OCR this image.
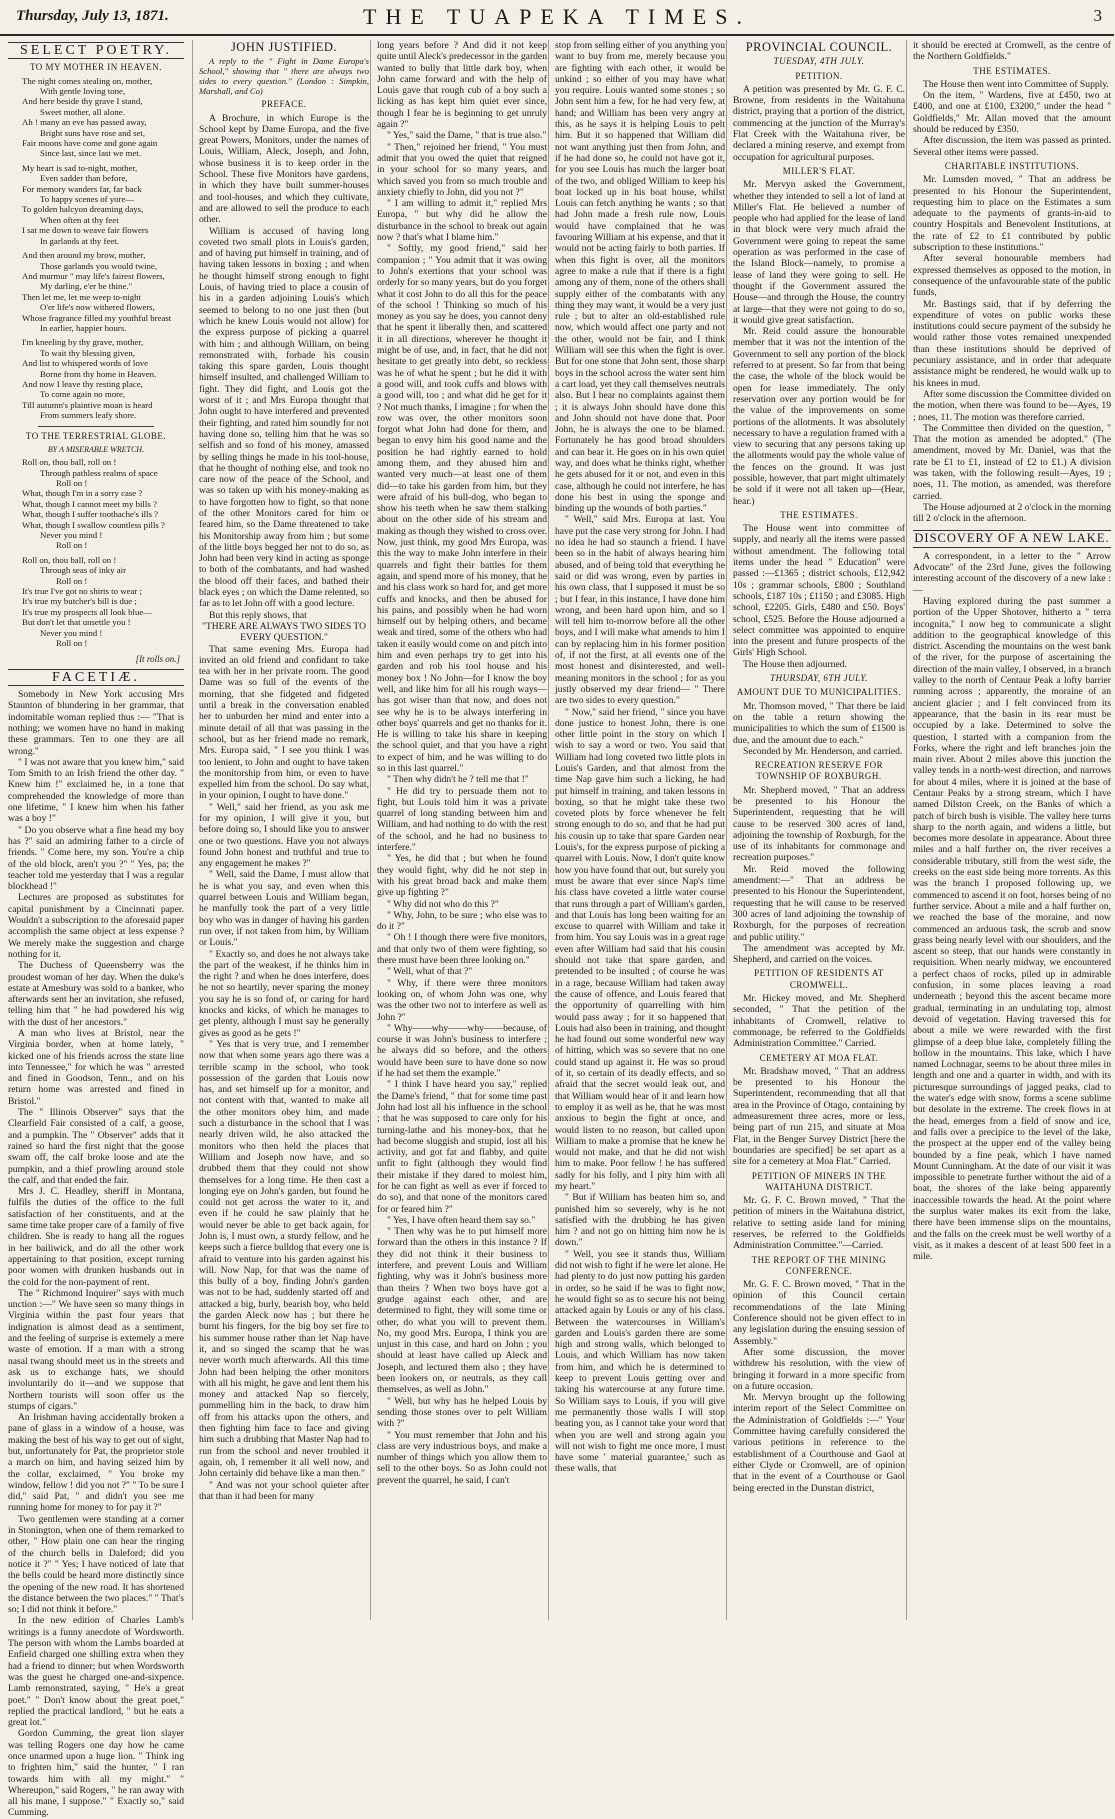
Thursday, July 13, 1871.	THE TUAPEKA TIMES.	3
SELECT POETRY.
TO MY MOTHER IN HEAVEN.
The night comes stealing on, mother,
With gentle loving tone,
And here beside thy grave I stand,
Sweet mother, all alone.
Ah ! many an eve has passed away,
Bright suns have rose and set,
Fair moons have come and gone again
Since last, since last we met.
My heart is sad to-night, mother,
Even sadder than before,
For memory wanders far, far back
To happy scenes of yore—
To golden halcyon dreaming days,
When often at thy feet
I sat me down to weave fair flowers
In garlands at thy feet.
And then around my brow, mother,
Those garlands you would twine,
And murmur " may life's fairest flowers,
My darling, e'er be thine."
Then let me, let me weep to-night
O'er life's now withered flowers,
Whose fragrance filled my youthful breast
In earlier, happier hours.
I'm kneeling by thy grave, mother,
To wait thy blessing given,
And list to whispered words of love
Borne from thy home in Heaven.
And now I leave thy resting place,
To come again no more,
Till autumn's plaintive moan is heard
From summers leafy shore.
TO THE TERRESTRIAL GLOBE.
BY A MISERABLE WRETCH.
Roll on, thou ball, roll on !
Through pathless realms of space
Roll on !
What, though I'm in a sorry case ?
What, though I cannot meet my bills ?
What, though I suffer toothache's ills ?
What, though I swallow countless pills ?
Never you mind !
Roll on !
Roll on, thou ball, roll on !
Through seas of inky air
Roll on !
It's true I've got no shirts to wear ;
It's true my butcher's bill is due ;
It's true my prospects all look blue—
But don't let that unsettle you !
Never you mind !
Roll on !
[It rolls on.]
FACETIÆ.

Somebody in New York accusing Mrs Staunton of blundering in her grammar, that indomitable woman replied thus :— "That is nothing; we women have no hand in making these grammars. Ten to one they are all wrong."

" I was not aware that you knew him," said Tom Smith to an Irish friend the other day. " Knew him !" exclaimed he, in a tone that comprehended the knowledge of more than one lifetime, " I knew him when his father was a boy !"

" Do you observe what a fine head my boy has ?" said an admiring father to a circle of friends. " Come here, my son. You're a chip of the old block, aren't you ?" " Yes, pa; the teacher told me yesterday that I was a regular blockhead !"

Lectures are proposed as substitutes for capital punishment by a Cincinnati paper. Wouldn't a subscription to the aforesaid paper accomplish the same object at less expense ? We merely make the suggestion and charge nothing for it.

The Duchess of Queensberry was the proudest woman of her day. When the duke's estate at Amesbury was sold to a banker, who afterwards sent her an invitation, she refused, telling him that " he had powdered his wig with the dust of her ancestors."

A man who lives at Bristol, near the Virginia border, when at home lately, " kicked one of his friends across the state line into Tennessee," for which he was " arrested and fined in Goodson, Tenn., and on his return home was arrested and fined in Bristol."

The " Illinois Observer" says that the Clearfield Fair consisted of a calf, a goose, and a pumpkin. The " Observer" adds that it rained so hard the first night that the goose swam off, the calf broke loose and ate the pumpkin, and a thief prowling around stole the calf, and that ended the fair.

Mrs J. C. Headley, sheriff in Montana, fulfils the duties of the office to the full satisfaction of her constituents, and at the same time take proper care of a family of five children. She is ready to hang all the rogues in her bailiwick, and do all the other work appertaining to that position, except turning poor women with drunken husbands out in the cold for the non-payment of rent.

The " Richmond Inquirer" says with much unction :—" We have seen so many things in Virginia within the past four years that indignation is almost dead as a sentiment, and the feeling of surprise is extemely a mere waste of emotion. If a man with a strong nasal twang should meet us in the streets and ask us to exchange hats, we should involuntarily do it—and we suppose that Northern tourists will soon offer us the stumps of cigars."

An Irishman having accidentally broken a pane of glass in a window of a house, was making the best of his way to get out of sight, but, unfortunately for Pat, the proprietor stole a march on him, and having seized him by the collar, exclaimed, " You broke my window, fellow ! did you not ?" " To be sure I did," said Pat, " and didn't you see me running home for money to for pay it ?"

Two gentlemen were standing at a corner in Stonington, when one of them remarked to other, " How plain one can hear the ringing of the church bells in Daleford; did you notice it ?" " Yes; I have noticed of late that the bells could be heard more distinctly since the opening of the new road. It has shortened the distance between the two places." " That's so; I did not think it before."

In the new edition of Charles Lamb's writings is a funny anecdote of Wordsworth. The person with whom the Lambs boarded at Enfield charged one shilling extra when they had a friend to dinner; but when Wordsworth was the guest he charged one-and-sixpence. Lamb remonstrated, saying, " He's a great poet." " Don't know about the great poet," replied the practical landlord, " but he eats a great lot."

Gordon Cumming, the great lion slayer was telling Rogers one day how he came once unarmed upon a huge lion. " Think ing to frighten him," said the hunter, " I ran towards him with all my might." " Whereupon," said Rogers, " he ran away with all his mane, I suppose." " Exactly so," said Cumming.

JOHN JUSTIFIED.

A reply to the " Fight in Dame Europa's School," showing that " there are always two sides to every question." (London : Simpkin, Marshall, and Co)

PREFACE.

A Brochure, in which Europe is the School kept by Dame Europa, and the five great Powers, Monitors, under the names of Louis, William, Aleck, Joseph, and John, whose business it is to keep order in the School. These five Monitors have gardens, in which they have built summer-houses and tool-houses, and which they cultivate, and are allowed to sell the produce to each other.

William is accused of having long coveted two small plots in Louis's garden, and of having put himself in training, and of having taken lessons in boxing ; and when he thought himself strong enough to fight Louis, of having tried to place a cousin of his in a garden adjoining Louis's which seemed to belong to no one just then (but which he knew Louis would not allow) for the express purpose of picking a quarrel with him ; and although William, on being remonstrated with, forbade his cousin taking this spare garden, Louis thought himself insulted, and challenged William to fight. They did fight, and Louis got the worst of it ; and Mrs Europa thought that John ought to have interfered and prevented their fighting, and rated him soundly for not having done so, telling him that he was so selfish and so fond of his money, amassed by selling things he made in his tool-house, that he thought of nothing else, and took no care now of the peace of the School, and was so taken up with his money-making as to have forgotten how to fight, so that none of the other Monitors cared for him or feared him, so the Dame threatened to take his Monitorship away from him ; but some of the little boys begged her not to do so, as John had been very kind in acting as sponge to both of the combatants, and had washed the blood off their faces, and bathed their black eyes ; on which the Dame relented, so far as to let John off with a good lecture.

But this reply shows, that

"THERE ARE ALWAYS TWO SIDES TO EVERY QUESTION."

That same evening Mrs. Europa had invited an old friend and confidant to take tea with her in her private room. The good Dame was so full of the events of the morning, that she fidgeted and fidgeted until a break in the conversation enabled her to unburden her mind and enter into a minute detail of all that was passing in the school, but as her friend made no remark, Mrs. Europa said, " I see you think I was too lenient, to John and ought to have taken the monitorship from him, or even to have expelled him from the school. Do say what, in your opinion, I ought to have done."

" Well," said her friend, as you ask me for my opinion, I will give it you, but before doing so, I should like you to answer one or two questions. Have you not always found John honest and truthful and true to any engagement he makes ?"

" Well, said the Dame, I must allow that he is what you say, and even when this quarrel between Louis and William began, he manfully took the part of a very little boy who was in danger of having his garden run over, if not taken from him, by William or Louis."

" Exactly so, and does he not always take the part of the weakest, if he thinks him in the right ? and when he does interfere, does he not so heartily, never sparing the money you say he is so fond of, or caring for hard knocks and kicks, of which he manages to get plenty, although I must say he generally gives as good as he gets !"

" Yes that is very true, and I remember now that when some years ago there was a terrible scamp in the school, who took possession of the garden that Louis now has, and set himself up for a monitor, and not content with that, wanted to make all the other monitors obey him, and made such a disturbance in the school that I was nearly driven wild, he also attacked the monitors who then held the places that William and Joseph now have, and so drubbed them that they could not show themselves for a long time. He then cast a longing eye on John's garden, but found he could not get across the water to it, and even if he could he saw plainly that he would never be able to get back again, for John is, I must own, a sturdy fellow, and he keeps such a fierce bulldog that every one is afraid to venture into his garden against his will. Now Nap, for that was the name of this bully of a boy, finding John's garden was not to be had, suddenly started off and attacked a big, burly, bearish boy, who held the garden Aleck now has ; but there he burnt his fingers, for the big boy set fire to his summer house rather than let Nap have it, and so singed the scamp that he was never worth much afterwards. All this time John had been helping the other monitors with all his might, he gave and lent them his money and attacked Nap so fiercely, pummelling him in the back, to draw him off from his attacks upon the others, and then fighting him face to face and giving him such a drubbing that Master Nap had to run from the school and never troubled it again, oh, I remember it all well now, and John certainly did behave like a man then."

" And was not your school quieter after that than it had been for many

long years before ? And did it not keep quite until Aleck's predecessor in the garden wanted to bully that little dark boy, when John came forward and with the help of Louis gave that rough cub of a boy such a licking as has kept him quiet ever since, though I fear he is beginning to get unruly again ?"

" Yes," said the Dame, " that is true also."

" Then," rejoined her friend, " You must admit that you owed the quiet that reigned in your school for so many years, and which saved you from so much trouble and anxiety chiefly to John, did you not ?"

" I am willing to admit it," replied Mrs Europa, " but why did he allow the disturbance in the school to break out again now ? that's what I blame him."

" Softly, my good friend," said her companion ; " You admit that it was owing to John's exertions that your school was orderly for so many years, but do you forget what it cost John to do all this for the peace of the school ! Thinking so much of his money as you say he does, you cannot deny that he spent it liberally then, and scattered it in all directions, wherever he thought it might be of use, and, in fact, that he did not hesitate to get greatly into debt, so reckless was he of what he spent ; but he did it with a good will, and took cuffs and blows with a good will, too ; and what did he get for it ? Not much thanks, I imagine ; for when the row was over, the other monitors soon forgot what John had done for them, and began to envy him his good name and the position he had rightly earned to hold among them, and they abused him and wanted very much—at least one of them did—to take his garden from him, but they were afraid of his bull-dog, who began to show his teeth when he saw them stalking about on the other side of his stream and making as though they wished to cross over. Now, just think, my good Mrs Europa, was this the way to make John interfere in their quarrels and fight their battles for them again, and spend more of his money, that he and his class work so hard for, and get more cuffs and knocks, and then be abused for his pains, and possibly when he had worn himself out by helping others, and became weak and tired, some of the others who had taken it easily would come on and pitch into him and even perhaps try to get into his garden and rob his tool house and his money box ! No John—for I know the boy well, and like him for all his rough ways—has got wiser than that now, and does not see why he is to be always interfering in other boys' quarrels and get no thanks for it. He is willing to take his share in keeping the school quiet, and that you have a right to expect of him, and he was willing to do so in this last quarrel."

" Then why didn't he ? tell me that !"

" He did try to persuade them not to fight, but Louis told him it was a private quarrel of long standing between him and William, and had nothing to do with the rest of the school, and he had no business to interfere."

" Yes, he did that ; but when he found they would fight, why did he not step in with his great broad back and make them give up fighting ?"

" Why did not who do this ?"

" Why, John, to be sure ; who else was to do it ?"

" Oh ! I though there were five monitors, and that only two of them were fighting, so there must have been three looking on."

" Well, what of that ?"

" Why, if there were three monitors looking on, of whom John was one, why was the other two not to interfere as well as John ?"

" Why——why——why——because, of course it was John's business to interfere ; he always did so before, and the others would have been sure to have done so now if he had set them the example."

" I think I have heard you say," replied the Dame's friend, " that for some time past John had lost all his influence in the school ; that he was supposed to care only for his turning-lathe and his money-box, that he had become sluggish and stupid, lost all his activity, and got fat and flabby, and quite unfit to fight (although they would find their mistake if they dared to molest him, for he can fight as well as ever if forced to do so), and that none of the monitors cared for or feared him ?"

" Yes, I have often heard them say so."

" Then why was he to put himself more forward than the others in this instance ? If they did not think it their business to interfere, and prevent Louis and William fighting, why was it John's business more than theirs ? When two boys have got a grudge against each other, and are determined to fight, they will some time or other, do what you will to prevent them. No, my good Mrs. Europa, I think you are unjust in this case, and hard on John ; you should at least have called up Aleck and Joseph, and lectured them also ; they have been lookers on, or neutrals, as they call themselves, as well as John."

" Well, but why has he helped Louis by sending those stones over to pelt William with ?"

" You must remember that John and his class are very industrious boys, and make a number of things which you allow them to sell to the other boys. So as John could not prevent the quarrel, he said, I can't

stop from selling either of you anything you want to buy from me, merely because you are fighting with each other, it would be unkind ; so either of you may have what you require. Louis wanted some stones ; so John sent him a few, for he had very few, at hand; and William has been very angry at this, as he says it is helping Louis to pelt him. But it so happened that William did not want anything just then from John, and if he had done so, he could not have got it, for you see Louis has much the larger boat of the two, and obliged William to keep his boat locked up in his boat house, whilst Louis can fetch anything he wants ; so that had John made a fresh rule now, Louis would have complained that he was favouring William at his expense, and that it would not be acting fairly to both parties. If when this fight is over, all the monitors agree to make a rule that if there is a fight among any of them, none of the others shall supply either of the combatants with any thing they may want, it would be a very just rule ; but to alter an old-established rule now, which would affect one party and not the other, would not be fair, and I think William will see this when the fight is over. But for one stone that John sent, those sharp boys in the school across the water sent him a cart load, yet they call themselves neutrals also. But I hear no complaints against them ; it is always John should have done this and John should not have done that. Poor John, he is always the one to be blamed. Fortunately he has good broad shoulders and can bear it. He goes on in his own quiet way, and does what he thinks right, whether he gets abused for it or not, and even in this case, although he could not interfere, he has done his best in using the sponge and binding up the wounds of both parties."

" Well," said Mrs. Europa at last. You have put the case very strong for John. I had no idea he had so staunch a friend. I have been so in the habit of always hearing him abused, and of being told that everything he said or did was wrong, even by parties in his own class, that I supposed it must be so ; but I fear, in this instance, I have done him wrong, and been hard upon him, and so I will tell him to-morrow before all the other boys, and I will make what amends to him I can by replacing him in his former position of, if not the first, at all events one of the most honest and disinterested, and well-meaning monitors in the school ; for as you justly observed my dear friend— " There are two sides to every question."

" Now," said her friend, " since you have done justice to honest John, there is one other little point in the story on which I wish to say a word or two. You said that William had long coveted two little plots in Louis's Garden, and that almost from the time Nap gave him such a licking, he had put himself in training, and taken lessons in boxing, so that he might take these two coveted plots by force whenever he felt strong enough to do so, and that he had put his cousin up to take that spare Garden near Louis's, for the express purpose of picking a quarrel with Louis. Now, I don't quite know how you have found that out, but surely you must be aware that ever since Nap's time his class have coveted a little water course that runs through a part of William's garden, and that Louis has long been waiting for an excuse to quarrel with William and take it from him. You say Louis was in a great rage even after William had said that his cousin should not take that spare garden, and pretended to be insulted ; of course he was in a rage, because William had taken away the cause of offence, and Louis feared that the opportunity of quarrelling with him would pass away ; for it so happened that Louis had also been in training, and thought he had found out some wonderful new way of hitting, which was so severe that no one could stand up against it. He was so proud of it, so certain of its deadly effects, and so afraid that the secret would leak out, and that William would hear of it and learn how to employ it as well as he, that he was most anxious to begin the fight at once, and would listen to no reason, but called upon William to make a promise that he knew he would not make, and that he did not wish him to make. Poor fellow ! he has suffered sadly for his folly, and I pity him with all my heart."

" But if William has beaten him so, and punished him so severely, why is he not satisfied with the drubbing he has given him ? and not go on hitting him now he is down."

" Well, you see it stands thus, William did not wish to fight if he were let alone. He had plenty to do just now putting his garden in order, so he said if he was to fight now, he would fight so as to secure his not being attacked again by Louis or any of his class. Between the watercourses in William's garden and Louis's garden there are some high and strong walls, which belonged to Louis, and which William has now taken from him, and which he is determined to keep to prevent Louis getting over and taking his watercourse at any future time. So William says to Louis, if you will give me permanently those walls I will stop beating you, as I cannot take your word that when you are well and strong again you will not wish to fight me once more, I must have some ' material guarantee,' such as these walls, that

PROVINCIAL COUNCIL.
TUESDAY, 4TH JULY.
PETITION.

A petition was presented by Mr. G. F. C. Browne, from residents in the Waitahuna district, praying that a portion of the district, commencing at the junction of the Murray's Flat Creek with the Waitahuna river, be declared a mining reserve, and exempt from occupation for agricultural purposes.

MILLER'S FLAT.

Mr. Mervyn asked the Government, whether they intended to sell a lot of land at Miller's Flat. He believed a number of people who had applied for the lease of land in that block were very much afraid the Government were going to repeat the same operation as was performed in the case of the Island Block—namely, to promise a lease of land they were going to sell. He thought if the Government assured the House—and through the House, the country at large—that they were not going to do so, it would give great satisfaction.

Mr. Reid could assure the honourable member that it was not the intention of the Government to sell any portion of the block referred to at present. So far from that being the case, the whole of the block would be open for lease immediately. The only reservation over any portion would be for the value of the improvements on some portions of the allotments. It was absolutely necessary to have a regulation framed with a view to securing that any persons taking up the allotments would pay the whole value of the fences on the ground. It was just possible, however, that part might ultimately be sold if it were not all taken up—(Hear, hear.)

THE ESTIMATES.

The House went into committee of supply, and nearly all the items were passed without amendment. The following total items under the head " Education" were passed :—£1365 ; district schools, £12,942 10s ; grammar schools, £800 ; Southland schools, £187 10s ; £1150 ; and £3085. High school, £2205. Girls, £480 and £50. Boys' school, £525. Before the House adjourned a select committee was appointed to enquire into the present and future prospects of the Girls' High School.

The House then adjourned.

THURSDAY, 6TH JULY.
AMOUNT DUE TO MUNICIPALITIES.

Mr. Thomson moved, " That there be laid on the table a return showing the municipalities to which the sum of £1500 is due, and the amount due to each."

Seconded by Mr. Henderson, and carried.

RECREATION RESERVE FOR TOWNSHIP OF ROXBURGH.

Mr. Shepherd moved, " That an address be presented to his Honour the Superintendent, requesting that he will cause to be reserved 300 acres of land, adjoining the township of Roxburgh, for the use of its inhabitants for commonage and recreation purposes."

Mr. Reid moved the following amendment:—" That an address be presented to his Honour the Superintendent, requesting that he will cause to be reserved 300 acres of land adjoining the township of Roxburgh, for the purposes of recreation and public utility."

The amendment was accepted by Mr. Shepherd, and carried on the voices.

PETITION OF RESIDENTS AT CROMWELL.

Mr. Hickey moved, and Mr. Shepherd seconded, " That the petition of the inhabitants of Cromwell, relative to commonage, be referred to the Goldfields Administration Committee." Carried.

CEMETERY AT MOA FLAT.

Mr. Bradshaw moved, " That an address be presented to his Honour the Superintendent, recommending that all that area in the Province of Otago, containing by admeasurement three acres, more or less, being part of run 215, and situate at Moa Flat, in the Benger Survey District [here the boundaries are specified] be set apart as a site for a cemetery at Moa Flat." Carried.

PETITION OF MINERS IN THE WAITAHUNA DISTRICT.

Mr. G. F. C. Brown moved, " That the petition of miners in the Waitahuna district, relative to setting aside land for mining reserves, be referred to the Goldfields Administration Committee."—Carried.

THE REPORT OF THE MINING CONFERENCE.

Mr. G. F. C. Brown moved, " That in the opinion of this Council certain recommendations of the late Mining Conference should not be given effect to in any legislation during the ensuing session of Assembly."

After some discussion, the mover withdrew his resolution, with the view of bringing it forward in a more specific from on a future occasion.

Mr. Mervyn brought up the following interim report of the Select Committee on the Administration of Goldfields :—" Your Committee having carefully considered the various petitions in reference to the establishment of a Courthouse and Gaol at either Clyde or Cromwell, are of opinion that in the event of a Courthouse or Gaol being erected in the Dunstan district,

it should be erected at Cromwell, as the centre of the Northern Goldfields."

THE ESTIMATES.

The House then went into Committee of Supply.

On the item, " Wardens, five at £450, two at £400, and one at £100, £3200," under the head " Goldfields," Mr. Allan moved that the amount should be reduced by £350.

After discussion, the item was passed as printed. Several other items were passed.

CHARITABLE INSTITUTIONS.

Mr. Lumsden moved, " That an address be presented to his Honour the Superintendent, requesting him to place on the Estimates a sum adequate to the payments of grants-in-aid to country Hospitals and Benevolent Institutions, at the rate of £2 to £1 contributed by public subscription to these institutions."

After several honourable members had expressed themselves as opposed to the motion, in consequence of the unfavourable state of the public funds,

Mr. Bastings said, that if by deferring the expenditure of votes on public works these institutions could secure payment of the subsidy he would rather those votes remained unexpended than these institutions should be deprived of pecuniary assistance, and in order that adequate assistance might be rendered, he would walk up to his knees in mud.

After some discussion the Committee divided on the motion, when there was found to be—Ayes, 19 ; noes, 11. The motion was therefore carried.

The Committee then divided on the question, " That the motion as amended be adopted." (The amendment, moved by Mr. Daniel, was that the rate be £1 to £1, instead of £2 to £1.) A division was taken, with the following result—Ayes, 19 ; noes, 11. The motion, as amended, was therefore carried.

The House adjourned at 2 o'clock in the morning till 2 o'clock in the afternoon.

DISCOVERY OF A NEW LAKE.

A correspondent, in a letter to the " Arrow Advocate" of the 23rd June, gives the following interesting account of the discovery of a new lake :—

Having explored during the past summer a portion of the Upper Shotover, hitherto a " terra incognita," I now beg to communicate a slight addition to the geographical knowledge of this district. Ascending the mountains on the west bank of the river, for the purpose of ascertaining the direction of the main valley, I observed, in a branch valley to the north of Centaur Peak a lofty barrier running across ; apparently, the moraine of an ancient glacier ; and I felt convinced from its appearance, that the basin in its rear must be occupied by a lake. Determined to solve the question, I started with a companion from the Forks, where the right and left branches join the main river. About 2 miles above this junction the valley tends in a north-west direction, and narrows for about 4 miles, where it is joined at the base of Centaur Peaks by a strong stream, which I have named Dilston Creek, on the Banks of which a patch of birch bush is visible. The valley here turns sharp to the north again, and widens a little, but becomes more desolate in appearance. About three miles and a half further on, the river receives a considerable tributary, still from the west side, the creeks on the east side being more torrents. As this was the branch I proposed following up, we commenced to ascend it on foot, horses being of no further service. About a mile and a half further on, we reached the base of the moraine, and now commenced an arduous task, the scrub and snow grass being nearly level with our shoulders, and the ascent so steep, that our hands were constantly in requisition. When nearly midway, we encountered a perfect chaos of rocks, piled up in admirable confusion, in some places leaving a road underneath ; beyond this the ascent became more gradual, terminating in an undulating top, almost devoid of vegetation. Having traversed this for about a mile we were rewarded with the first glimpse of a deep blue lake, completely filling the hollow in the mountains. This lake, which I have named Lochnagar, seems to be about three miles in length and one and a quarter in width, and with its picturesque surroundings of jagged peaks, clad to the water's edge with snow, forms a scene sublime but desolate in the extreme. The creek flows in at the head, emerges from a field of snow and ice, and falls over a precipice to the level of the lake, the prospect at the upper end of the valley being bounded by a fine peak, which I have named Mount Cunningham. At the date of our visit it was impossible to penetrate further without the aid of a boat, the shores of the lake being apparently inaccessible towards the head. At the point where the surplus water makes its exit from the lake, there have been immense slips on the mountains, and the falls on the creek must be well worthy of a visit, as it makes a descent of at least 500 feet in a mile.
